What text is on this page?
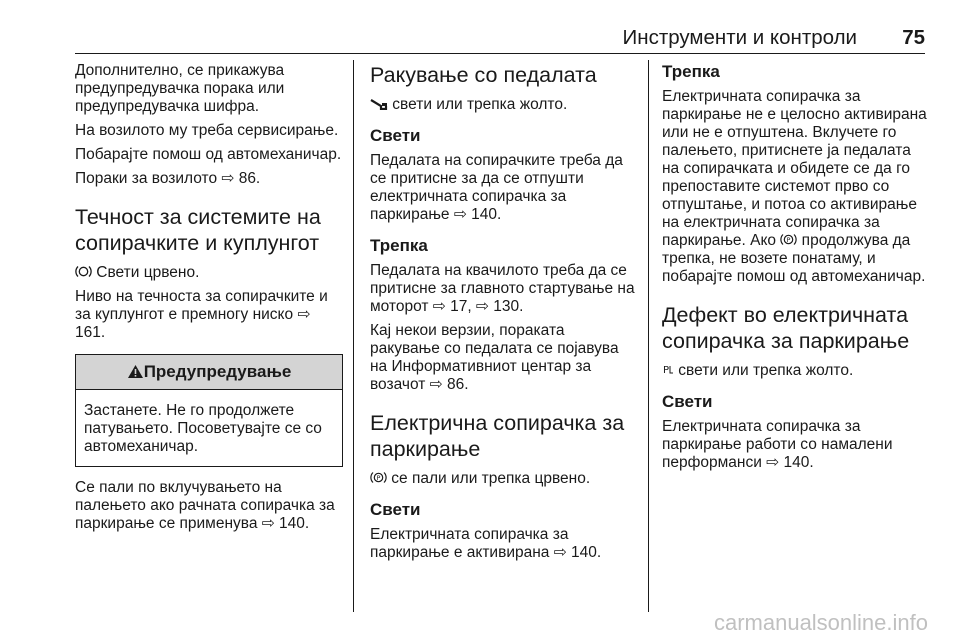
Инструменти и контроли 75

Дополнително, се прикажува предупредувачка порака или предупредувачка шифра.

На возилото му треба сервисирање.

Побарајте помош од автомеханичар.

Пораки за возилото ⇨ 86.

Течност за системите на сопирачките и куплунгот

Свети црвено.

Ниво на течноста за сопирачките и за куплунгот е премногу ниско ⇨ 161.

Предупредување
Застанете. Не го продолжете патувањето. Посоветувајте се со автомеханичар.

Се пали по вклучувањето на палењето ако рачната сопирачка за паркирање се применува ⇨ 140.

Ракување со педалата

свети или трепка жолто.

Свети

Педалата на сопирачките треба да се притисне за да се отпушти електричната сопирачка за паркирање ⇨ 140.

Трепка

Педалата на квачилото треба да се притисне за главното стартување на моторот ⇨ 17, ⇨ 130.

Кај некои верзии, пораката ракување со педалата се појавува на Информативниот центар за возачот ⇨ 86.

Електрична сопирачка за паркирање

P се пали или трепка црвено.

Свети

Електричната сопирачка за паркирање е активирана ⇨ 140.

Трепка

Електричната сопирачка за паркирање не е целосно активирана или не е отпуштена. Вклучете го палењето, притиснете ја педалата на сопирачката и обидете се да го препоставите системот прво со отпуштање, и потоа со активирање на електричната сопирачка за паркирање. Ако P продолжува да трепка, не возете понатаму, и побарајте помош од автомеханичар.

Дефект во електричната сопирачка за паркирање

P свети или трепка жолто.

Свети

Електричната сопирачка за паркирање работи со намалени перформанси ⇨ 140.

carmanualsonline.info
